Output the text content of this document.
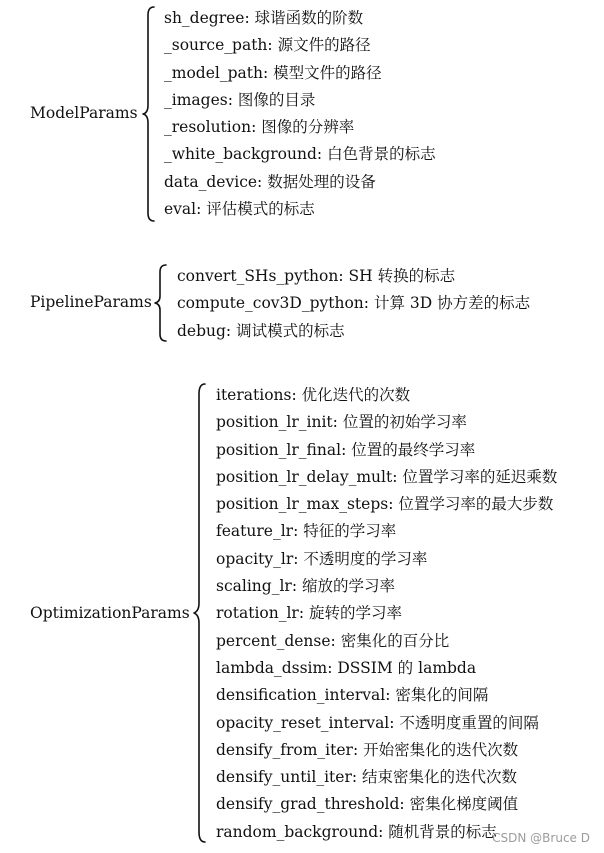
ModelParams
sh_degree: 球谐函数的阶数
_source_path: 源文件的路径
_model_path: 模型文件的路径
_images: 图像的目录
_resolution: 图像的分辨率
_white_background: 白色背景的标志
data_device: 数据处理的设备
eval: 评估模式的标志
PipelineParams
convert_SHs_python: SH 转换的标志
compute_cov3D_python: 计算 3D 协方差的标志
debug: 调试模式的标志
OptimizationParams
iterations: 优化迭代的次数
position_lr_init: 位置的初始学习率
position_lr_final: 位置的最终学习率
position_lr_delay_mult: 位置学习率的延迟乘数
position_lr_max_steps: 位置学习率的最大步数
feature_lr: 特征的学习率
opacity_lr: 不透明度的学习率
scaling_lr: 缩放的学习率
rotation_lr: 旋转的学习率
percent_dense: 密集化的百分比
lambda_dssim: DSSIM 的 lambda
densification_interval: 密集化的间隔
opacity_reset_interval: 不透明度重置的间隔
densify_from_iter: 开始密集化的迭代次数
densify_until_iter: 结束密集化的迭代次数
densify_grad_threshold: 密集化梯度阈值
random_background: 随机背景的标志
CSDN @Bruce D
